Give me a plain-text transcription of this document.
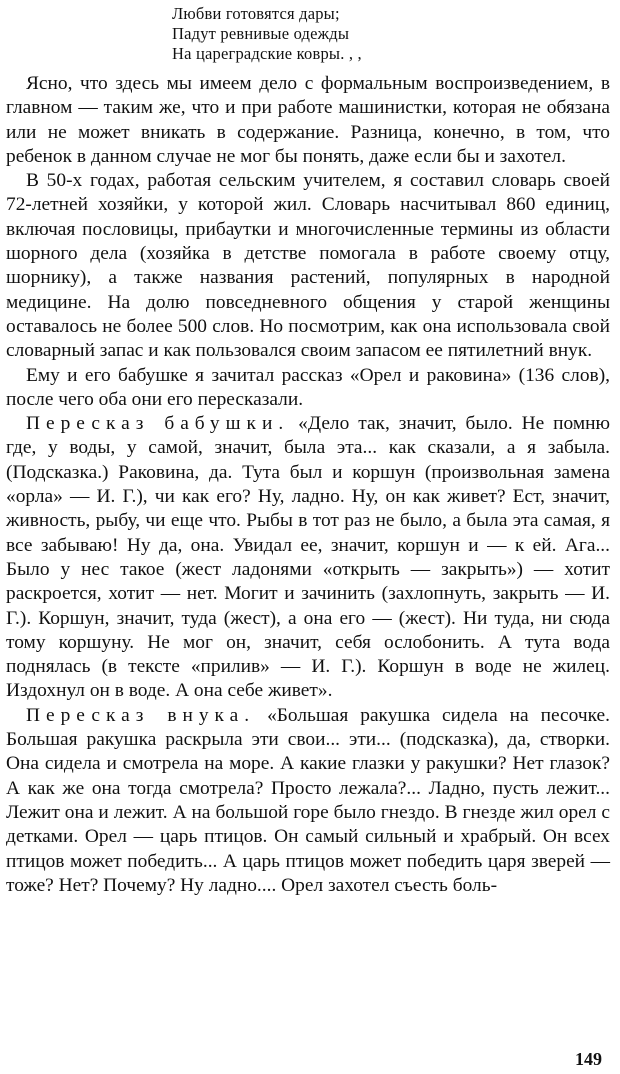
Любви готовятся дары;
Падут ревнивые одежды
На цареградские ковры. , ,

Ясно, что здесь мы имеем дело с формальным воспроизведением, в главном — таким же, что и при работе машинистки, которая не обязана или не может вникать в содержание. Разница, конечно, в том, что ребенок в данном случае не мог бы понять, даже если бы и захотел.

В 50-х годах, работая сельским учителем, я составил словарь своей 72-летней хозяйки, у которой жил. Словарь насчитывал 860 единиц, включая пословицы, прибаутки и многочисленные термины из области шорного дела (хозяйка в детстве помогала в работе своему отцу, шорнику), а также названия растений, популярных в народной медицине. На долю повседневного общения у старой женщины оставалось не более 500 слов. Но посмотрим, как она использовала свой словарный запас и как пользовался своим запасом ее пятилетний внук.

Ему и его бабушке я зачитал рассказ «Орел и раковина» (136 слов), после чего оба они его пересказали.

Пересказ бабушки. «Дело так, значит, было. Не помню где, у воды, у самой, значит, была эта... как сказали, а я забыла. (Подсказка.) Раковина, да. Тута был и коршун (произвольная замена «орла» — И. Г.), чи как его? Ну, ладно. Ну, он как живет? Ест, значит, живность, рыбу, чи еще что. Рыбы в тот раз не было, а была эта самая, я все забываю! Ну да, она. Увидал ее, значит, коршун и — к ей. Ага... Было у нес такое (жест ладонями «открыть — закрыть») — хотит раскроется, хотит — нет. Могит и зачинить (захлопнуть, закрыть — И. Г.). Коршун, значит, туда (жест), а она его — (жест). Ни туда, ни сюда тому коршуну. Не мог он, значит, себя ослобонить. А тута вода поднялась (в тексте «прилив» — И. Г.). Коршун в воде не жилец. Издохнул он в воде. А она себе живет».

Пересказ внука. «Большая ракушка сидела на песочке. Большая ракушка раскрыла эти свои... эти... (подсказка), да, створки. Она сидела и смотрела на море. А какие глазки у ракушки? Нет глазок? А как же она тогда смотрела? Просто лежала?... Ладно, пусть лежит... Лежит она и лежит. А на большой горе было гнездо. В гнезде жил орел с детками. Орел — царь птицов. Он самый сильный и храбрый. Он всех птицов может победить... А царь птицов может победить царя зверей — тоже? Нет? Почему? Ну ладно.... Орел захотел съесть боль-

149
